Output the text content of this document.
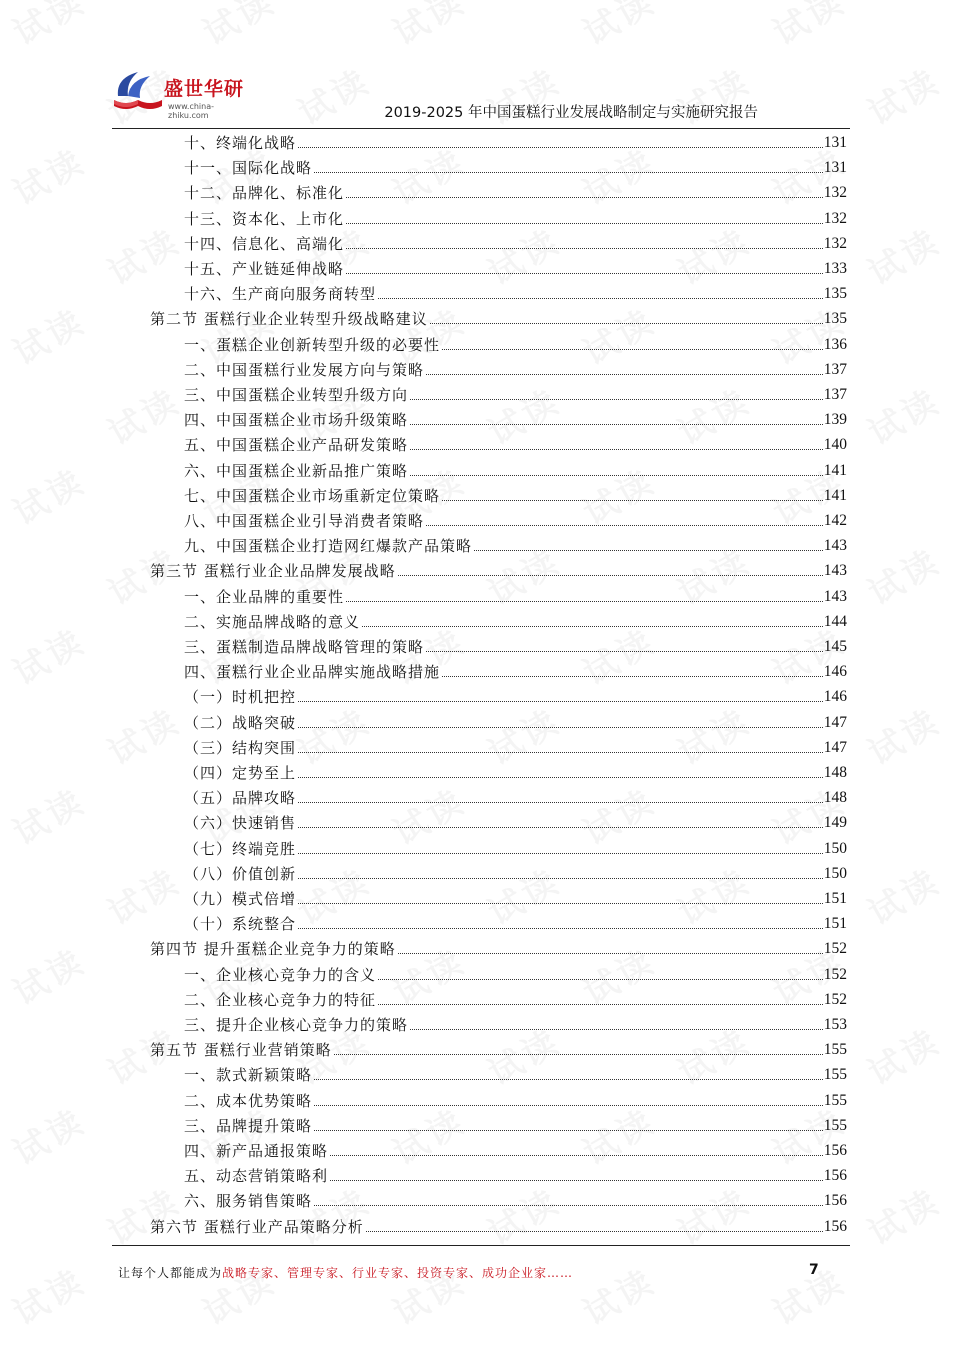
盛世华研
www.china-zhiku.com	2019-2025 年中国蛋糕行业发展战略制定与实施研究报告
十、终端化战略	131
十一、国际化战略	131
十二、品牌化、标准化	132
十三、资本化、上市化	132
十四、信息化、高端化	132
十五、产业链延伸战略	133
十六、生产商向服务商转型	135
第二节 蛋糕行业企业转型升级战略建议	135
一、蛋糕企业创新转型升级的必要性	136
二、中国蛋糕行业发展方向与策略	137
三、中国蛋糕企业转型升级方向	137
四、中国蛋糕企业市场升级策略	139
五、中国蛋糕企业产品研发策略	140
六、中国蛋糕企业新品推广策略	141
七、中国蛋糕企业市场重新定位策略	141
八、中国蛋糕企业引导消费者策略	142
九、中国蛋糕企业打造网红爆款产品策略	143
第三节 蛋糕行业企业品牌发展战略	143
一、企业品牌的重要性	143
二、实施品牌战略的意义	144
三、蛋糕制造品牌战略管理的策略	145
四、蛋糕行业企业品牌实施战略措施	146
（一）时机把控	146
（二）战略突破	147
（三）结构突围	147
（四）定势至上	148
（五）品牌攻略	148
（六）快速销售	149
（七）终端竞胜	150
（八）价值创新	150
（九）模式倍增	151
（十）系统整合	151
第四节 提升蛋糕企业竞争力的策略	152
一、企业核心竞争力的含义	152
二、企业核心竞争力的特征	152
三、提升企业核心竞争力的策略	153
第五节 蛋糕行业营销策略	155
一、款式新颖策略	155
二、成本优势策略	155
三、品牌提升策略	155
四、新产品通报策略	156
五、动态营销策略利	156
六、服务销售策略	156
第六节 蛋糕行业产品策略分析	156
让每个人都能成为战略专家、管理专家、行业专家、投资专家、成功企业家……	7
